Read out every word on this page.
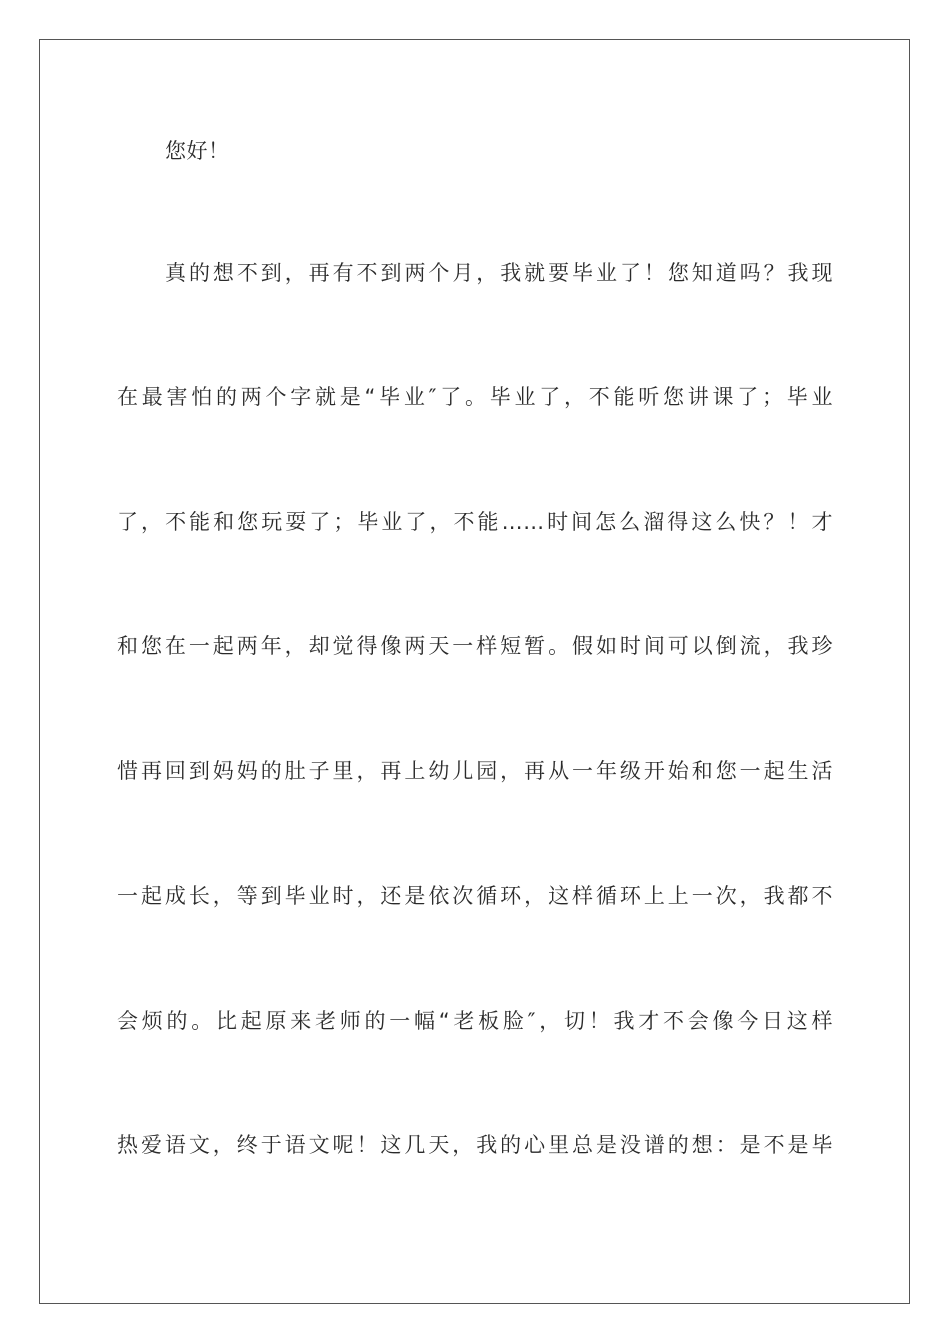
您好！
真的想不到，再有不到两个月，我就要毕业了！您知道吗？我现
在最害怕的两个字就是“毕业″了。毕业了，不能听您讲课了；毕业
了，不能和您玩耍了；毕业了，不能……时间怎么溜得这么快？！才
和您在一起两年，却觉得像两天一样短暂。假如时间可以倒流，我珍
惜再回到妈妈的肚子里，再上幼儿园，再从一年级开始和您一起生活
一起成长，等到毕业时，还是依次循环，这样循环上上一次，我都不
会烦的。比起原来老师的一幅“老板脸″，切！我才不会像今日这样
热爱语文，终于语文呢！这几天，我的心里总是没谱的想：是不是毕
